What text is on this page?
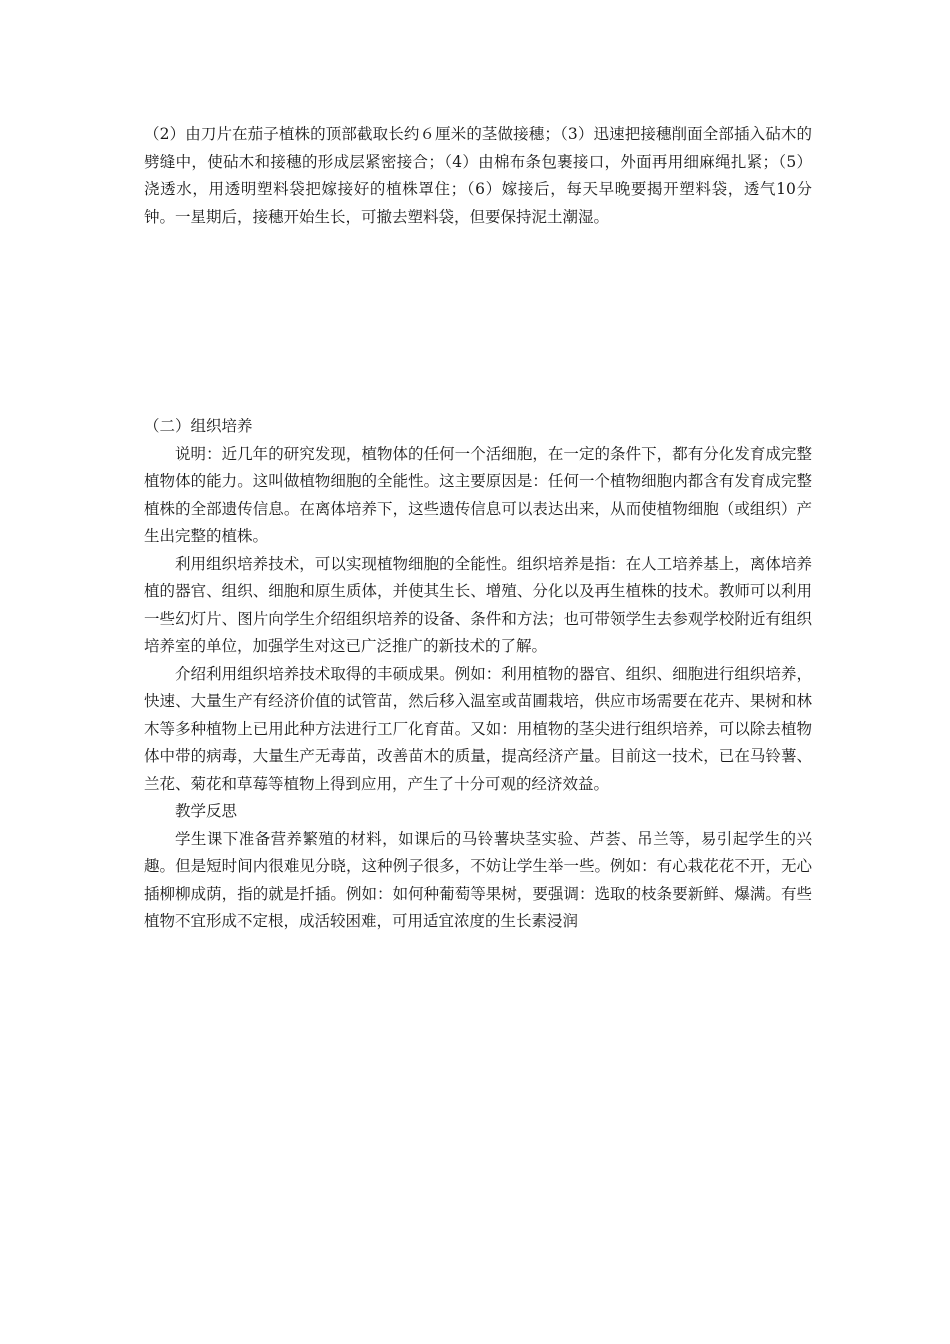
（2）由刀片在茄子植株的顶部截取长约６厘米的茎做接穗；（3）迅速把接穗削面全部插入砧木的劈缝中，使砧木和接穗的形成层紧密接合；（4）由棉布条包裹接口，外面再用细麻绳扎紧；（5）浇透水，用透明塑料袋把嫁接好的植株罩住；（6）嫁接后，每天早晚要揭开塑料袋，透气10分钟。一星期后，接穗开始生长，可撤去塑料袋，但要保持泥土潮湿。

（二）组织培养

说明：近几年的研究发现，植物体的任何一个活细胞，在一定的条件下，都有分化发育成完整植物体的能力。这叫做植物细胞的全能性。这主要原因是：任何一个植物细胞内都含有发育成完整植株的全部遗传信息。在离体培养下，这些遗传信息可以表达出来，从而使植物细胞（或组织）产生出完整的植株。

利用组织培养技术，可以实现植物细胞的全能性。组织培养是指：在人工培养基上，离体培养植的器官、组织、细胞和原生质体，并使其生长、增殖、分化以及再生植株的技术。教师可以利用一些幻灯片、图片向学生介绍组织培养的设备、条件和方法；也可带领学生去参观学校附近有组织培养室的单位，加强学生对这已广泛推广的新技术的了解。

介绍利用组织培养技术取得的丰硕成果。例如：利用植物的器官、组织、细胞进行组织培养，快速、大量生产有经济价值的试管苗，然后移入温室或苗圃栽培，供应市场需要在花卉、果树和林木等多种植物上已用此种方法进行工厂化育苗。又如：用植物的茎尖进行组织培养，可以除去植物体中带的病毒，大量生产无毒苗，改善苗木的质量，提高经济产量。目前这一技术，已在马铃薯、兰花、菊花和草莓等植物上得到应用，产生了十分可观的经济效益。

教学反思

学生课下准备营养繁殖的材料，如课后的马铃薯块茎实验、芦荟、吊兰等，易引起学生的兴趣。但是短时间内很难见分晓，这种例子很多，不妨让学生举一些。例如：有心栽花花不开，无心插柳柳成荫，指的就是扦插。例如：如何种葡萄等果树，要强调：选取的枝条要新鲜、爆满。有些植物不宜形成不定根，成活较困难，可用适宜浓度的生长素浸润
